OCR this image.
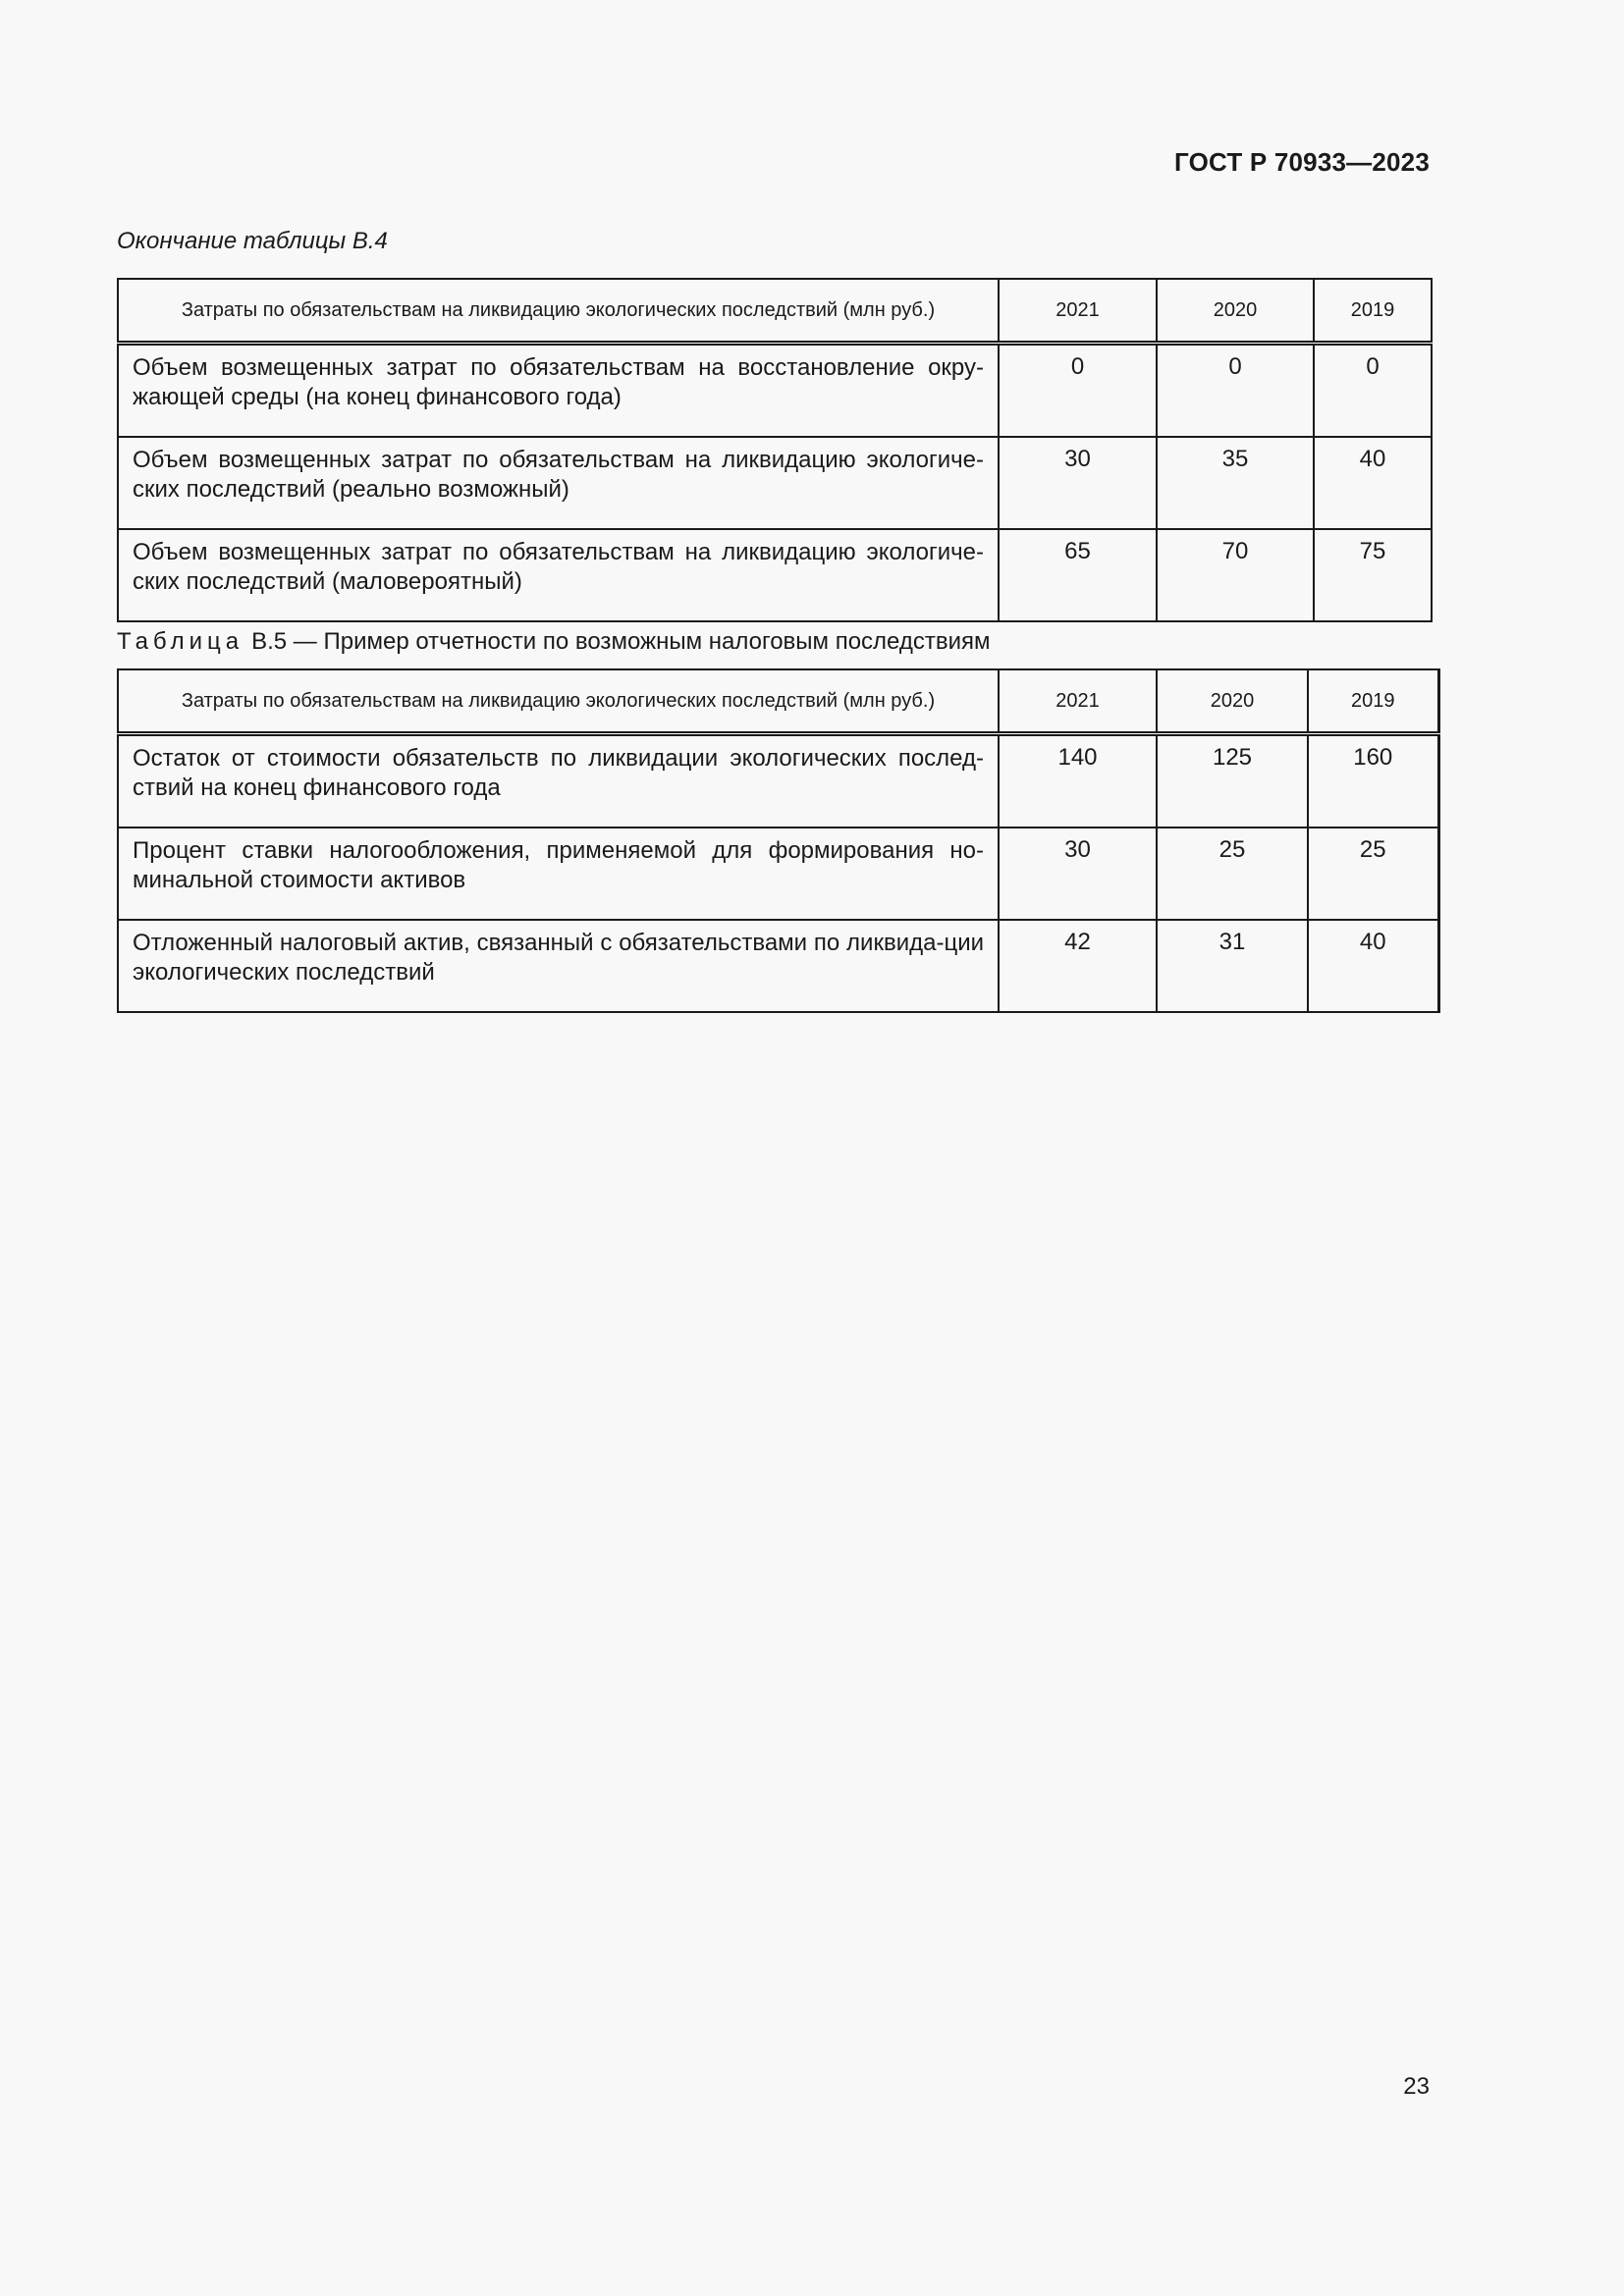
ГОСТ Р 70933—2023
Окончание таблицы В.4
Затраты по обязательствам на ликвидацию экологических последствий (млн руб.)	2021	2020	2019
Объем возмещенных затрат по обязательствам на восстановление окру-жающей среды (на конец финансового года)	0	0	0
Объем возмещенных затрат по обязательствам на ликвидацию экологиче-ских последствий (реально возможный)	30	35	40
Объем возмещенных затрат по обязательствам на ликвидацию экологиче-ских последствий (маловероятный)	65	70	75
Таблица В.5 — Пример отчетности по возможным налоговым последствиям
Затраты по обязательствам на ликвидацию экологических последствий (млн руб.)	2021	2020	2019
Остаток от стоимости обязательств по ликвидации экологических послед-ствий на конец финансового года	140	125	160
Процент ставки налогообложения, применяемой для формирования но-минальной стоимости активов	30	25	25
Отложенный налоговый актив, связанный с обязательствами по ликвида-ции экологических последствий	42	31	40
23
